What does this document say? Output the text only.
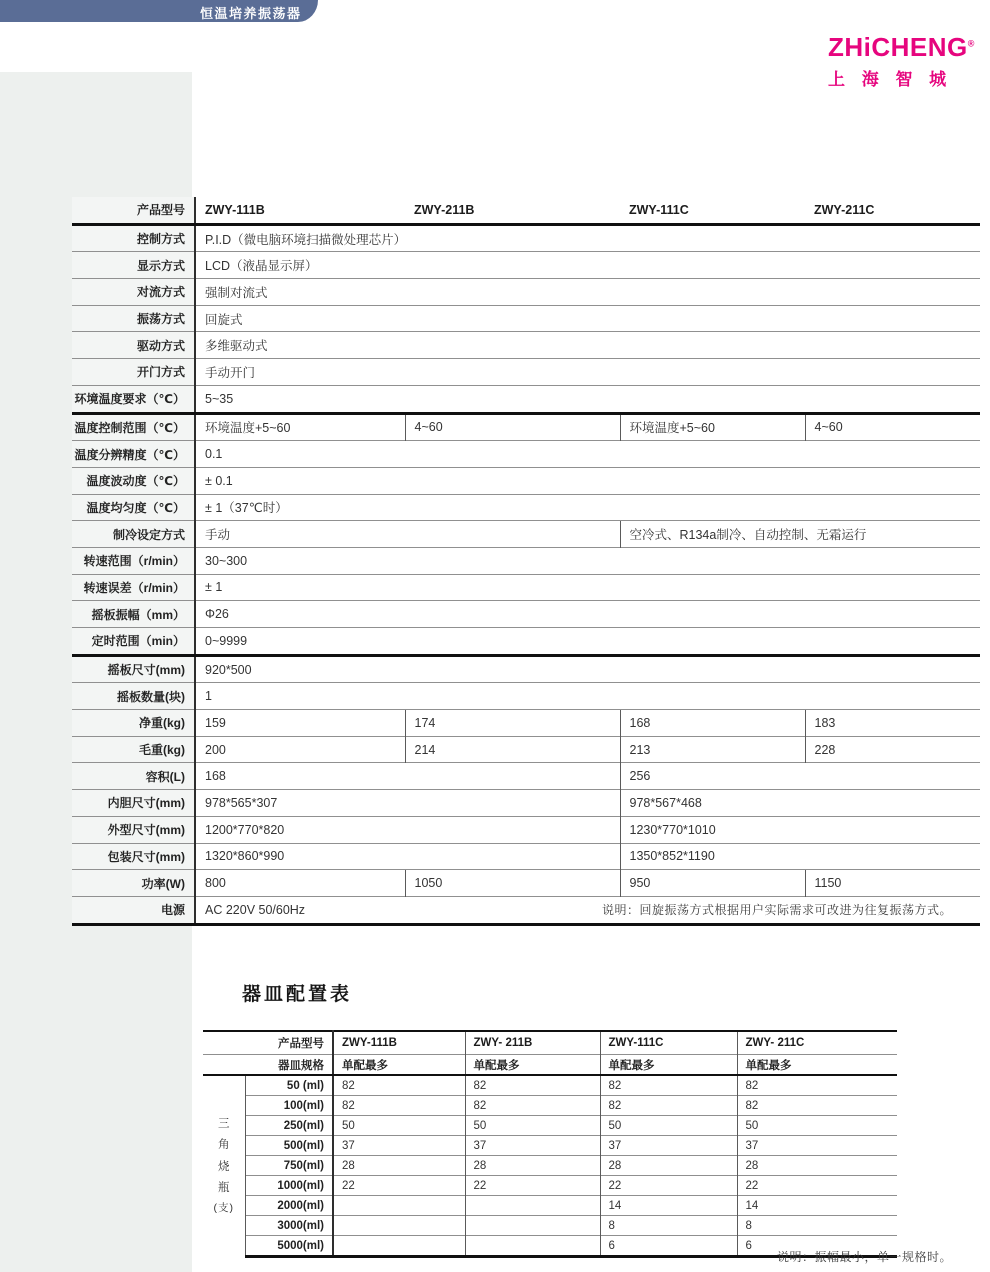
恒温培养振荡器
ZHiCHENG®
上 海 智 城
产品型号	ZWY-111B	ZWY-211B	ZWY-111C	ZWY-211C
控制方式	P.I.D（微电脑环境扫描微处理芯片）			
显示方式	LCD（液晶显示屏）			
对流方式	强制对流式			
振荡方式	回旋式			
驱动方式	多维驱动式			
开门方式	手动开门			
环境温度要求（℃）	5~35			
温度控制范围（℃）	环境温度+5~60	4~60	环境温度+5~60	4~60
温度分辨精度（℃）	0.1			
温度波动度（℃）	± 0.1			
温度均匀度（℃）	± 1（37℃时）			
制冷设定方式	手动		空冷式、R134a制冷、自动控制、无霜运行	
转速范围（r/min）	30~300			
转速误差（r/min）	± 1			
摇板振幅（mm）	Φ26			
定时范围（min）	0~9999			
摇板尺寸(mm)	920*500			
摇板数量(块)	1			
净重(kg)	159	174	168	183
毛重(kg)	200	214	213	228
容积(L)	168		256	
内胆尺寸(mm)	978*565*307		978*567*468	
外型尺寸(mm)	1200*770*820		1230*770*1010	
包装尺寸(mm)	1320*860*990		1350*852*1190	
功率(W)	800	1050	950	1150
电源	AC 220V 50/60Hz				说明：回旋振荡方式根据用户实际需求可改进为往复振荡方式。
器皿配置表
产品型号		ZWY-111B	ZWY- 211B	ZWY-111C	ZWY- 211C
器皿规格		单配最多	单配最多	单配最多	单配最多

三
角
烧
瓶
(支)	50 (ml)	82	82	82	82
	100(ml)	82	82	82	82
	250(ml)	50	50	50	50
	500(ml)	37	37	37	37
	750(ml)	28	28	28	28
	1000(ml)	22	22	22	22
	2000(ml)			14	14
	3000(ml)			8	8
	5000(ml)			6	6
说明：振幅最小，单一规格时。
